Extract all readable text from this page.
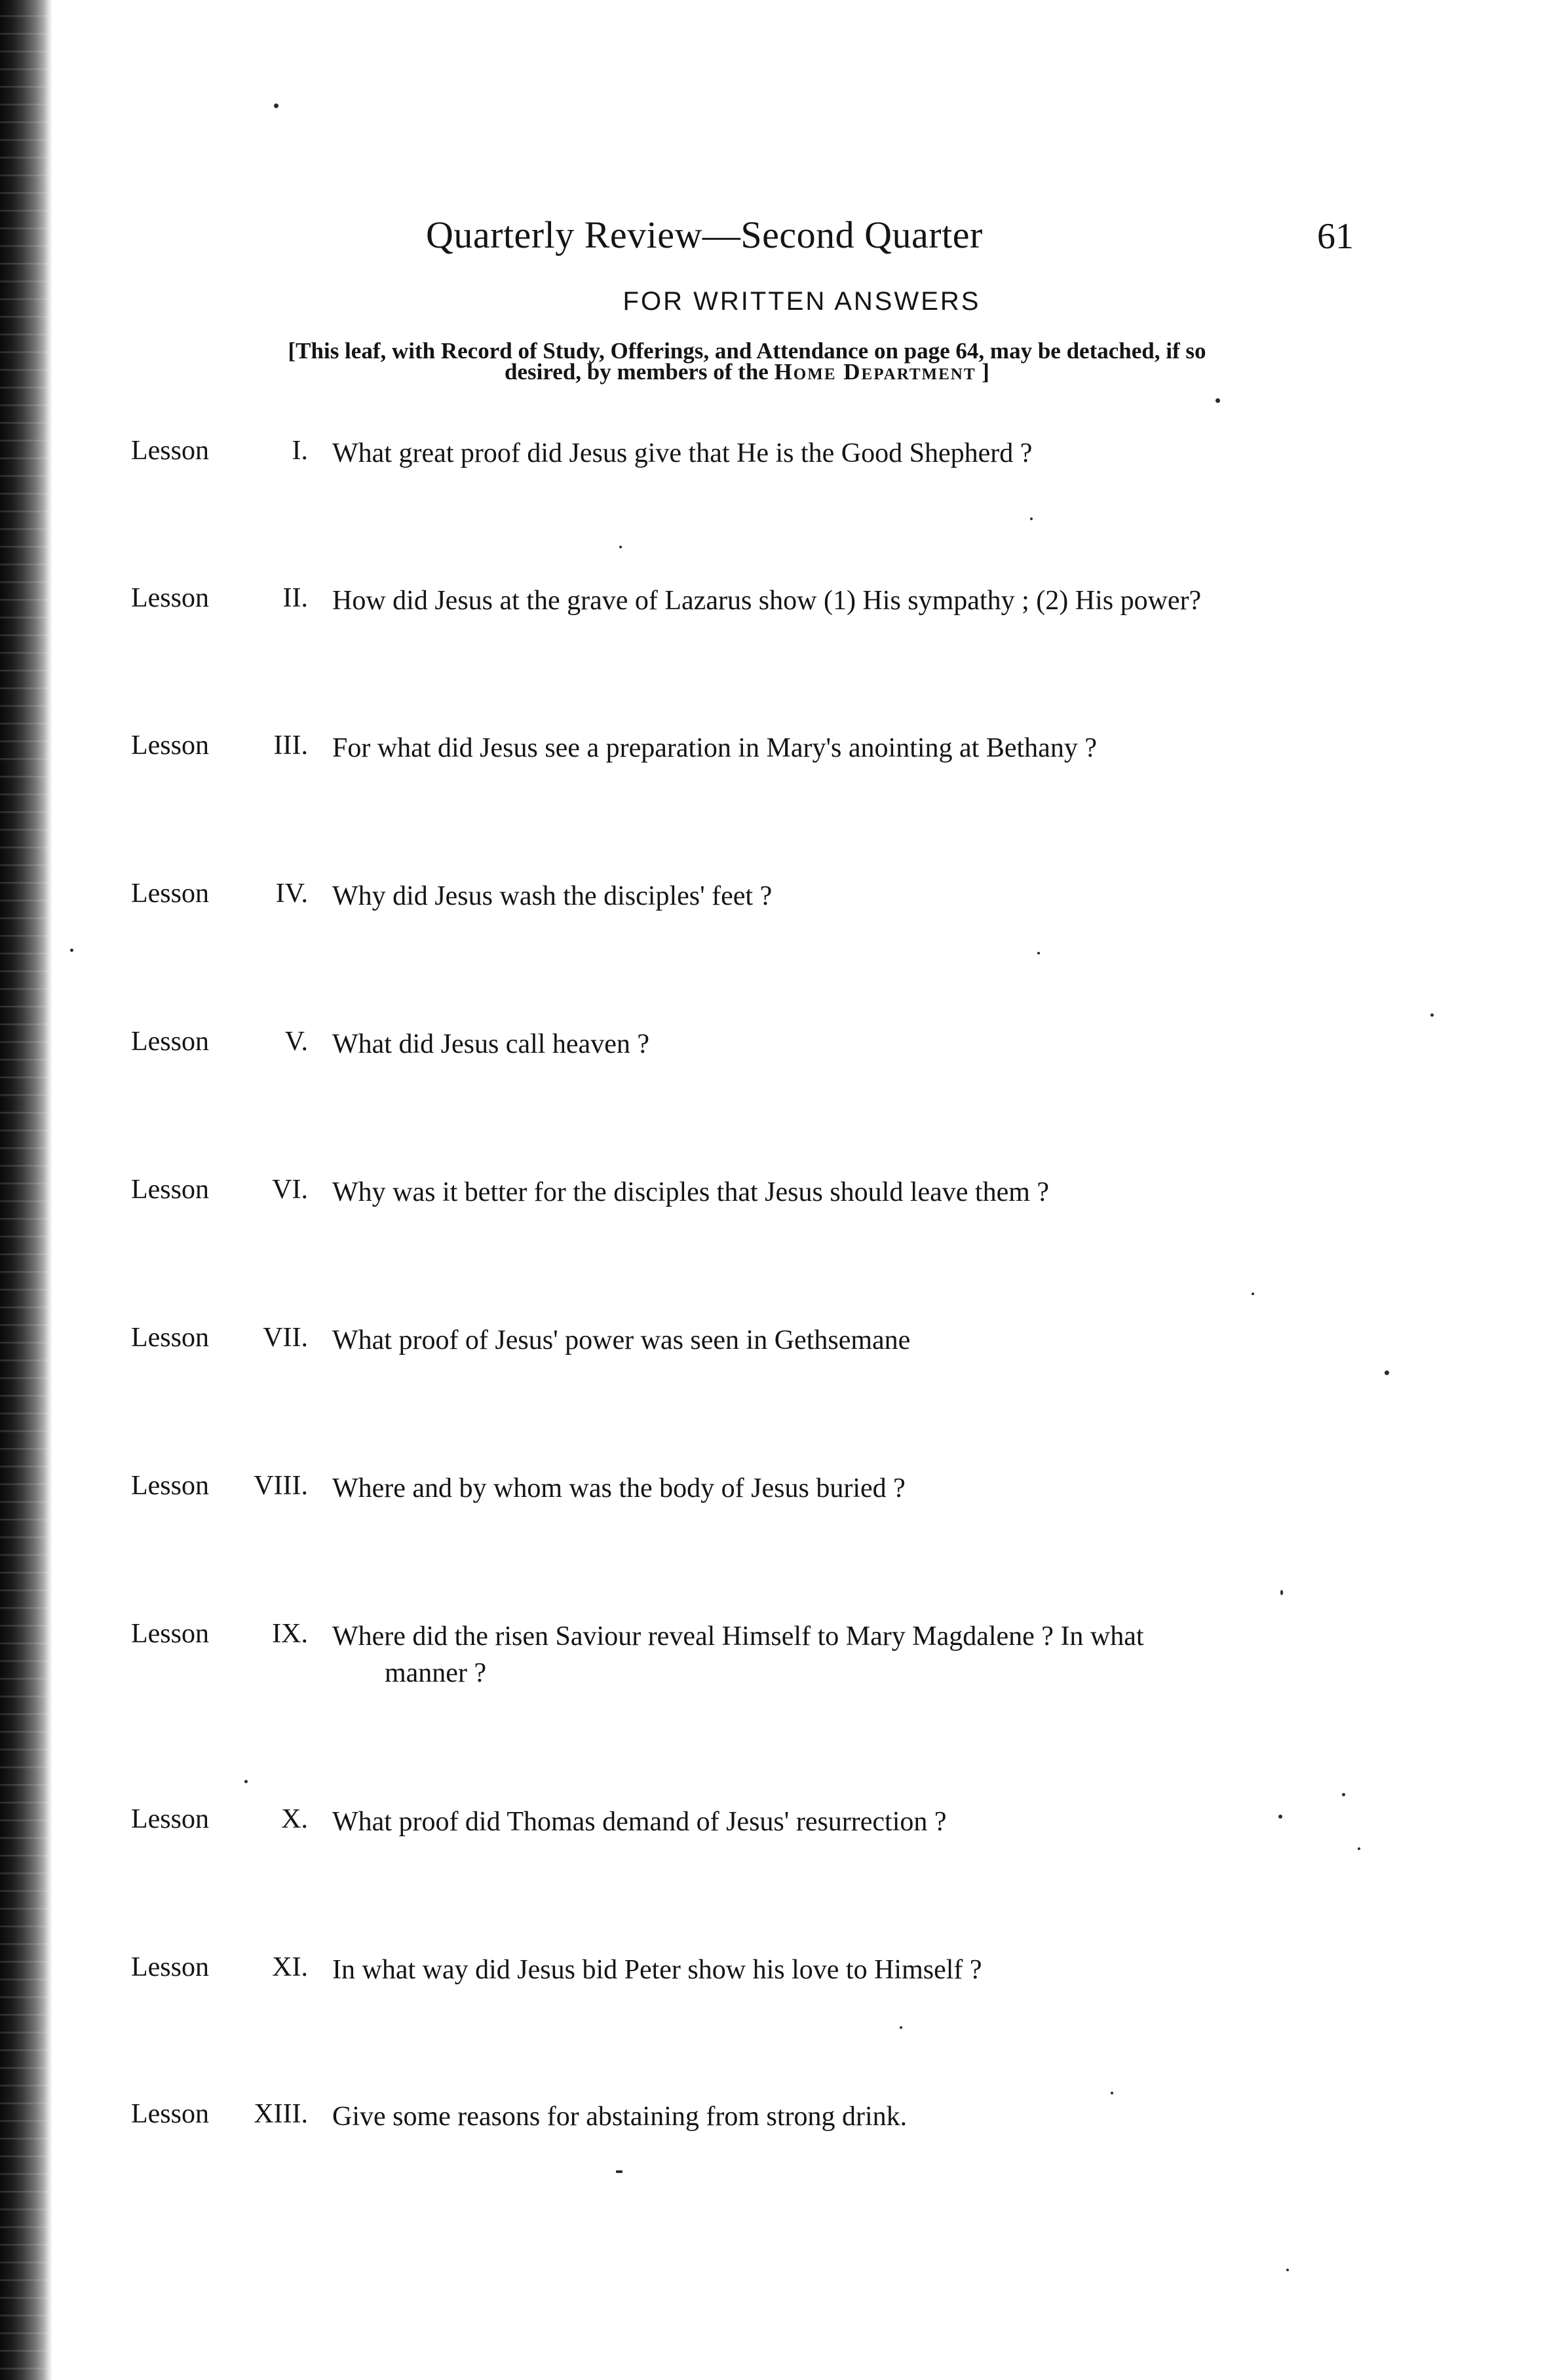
Quarterly Review—Second Quarter	61
FOR WRITTEN ANSWERS
[This leaf, with Record of Study, Offerings, and Attendance on page 64, may be detached, if so
desired, by members of the Home Department ]
Lesson	I. What great proof did Jesus give that He is the Good Shepherd ?
Lesson	II. How did Jesus at the grave of Lazarus show (1) His sympathy ; (2) His power?
Lesson	III. For what did Jesus see a preparation in Mary's anointing at Bethany ?
Lesson	IV. Why did Jesus wash the disciples' feet ?
Lesson	V. What did Jesus call heaven ?
Lesson	VI. Why was it better for the disciples that Jesus should leave them ?
Lesson	VII. What proof of Jesus' power was seen in Gethsemane
Lesson	VIII. Where and by whom was the body of Jesus buried ?
Lesson	IX. Where did the risen Saviour reveal Himself to Mary Magdalene ? In what
manner ?
Lesson	X. What proof did Thomas demand of Jesus' resurrection ?
Lesson	XI. In what way did Jesus bid Peter show his love to Himself ?
Lesson	XIII. Give some reasons for abstaining from strong drink.
